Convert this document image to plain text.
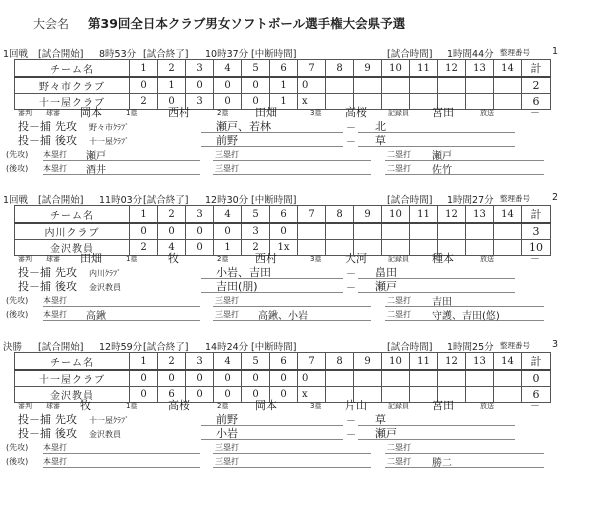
大会名 第39回全日本クラブ男女ソフトボール選手権大会県予選
1回戦 [試合開始] 8時53分 [試合終了] 10時37分 [中断時間]	[試合時間] 1時間44分 整理番号 1
チーム名	1	2	3	4	5	6	7	8	9	10	11	12	13	14	計
野々市クラブ	0	1	0	0	0	1	0								2
十一屋クラブ	2	0	3	0	0	1	x								6
審判 球審 岡本	1塁	西村	2塁 田畑	3塁 高桜	記録員 宮田	放送	－
投－捕 先攻 野々市ｸﾗﾌﾞ	瀬戸、若林	－ 北
投－捕 後攻 十一屋ｸﾗﾌﾞ	前野	－ 草
(先攻) 本塁打 瀬戸	三塁打	二塁打 瀬戸
(後攻) 本塁打 酒井	三塁打	二塁打 佐竹
1回戦 [試合開始] 11時03分 [試合終了] 12時30分 [中断時間]	[試合時間] 1時間27分 整理番号 2
チーム名	1	2	3	4	5	6	7	8	9	10	11	12	13	14	計
内川クラブ	0	0	0	0	3	0									3
金沢教員	2	4	0	1	2	1x									10
審判 球審 田畑	1塁	牧	2塁 西村	3塁 大河	記録員 種本	放送	－
投－捕 先攻 内川ｸﾗﾌﾞ	小岩、吉田	－ 畠田
投－捕 後攻 金沢教員	吉田(朋)	－ 瀬戸
(先攻) 本塁打	三塁打	二塁打 吉田
(後攻) 本塁打 高鍬	三塁打 高鍬、小岩	二塁打 守護、吉田(悠)
決勝 [試合開始] 12時59分 [試合終了] 14時24分 [中断時間]	[試合時間] 1時間25分 整理番号 3
チーム名	1	2	3	4	5	6	7	8	9	10	11	12	13	14	計
十一屋クラブ	0	0	0	0	0	0	0								0
金沢教員	0	6	0	0	0	0	x								6
審判 球審 牧	1塁	高桜	2塁 岡本	3塁 片山	記録員 宮田	放送	－
投－捕 先攻 十一屋ｸﾗﾌﾞ	前野	－ 草
投－捕 後攻 金沢教員	小岩	－ 瀬戸
(先攻) 本塁打	三塁打	二塁打
(後攻) 本塁打	三塁打	二塁打 勝二
